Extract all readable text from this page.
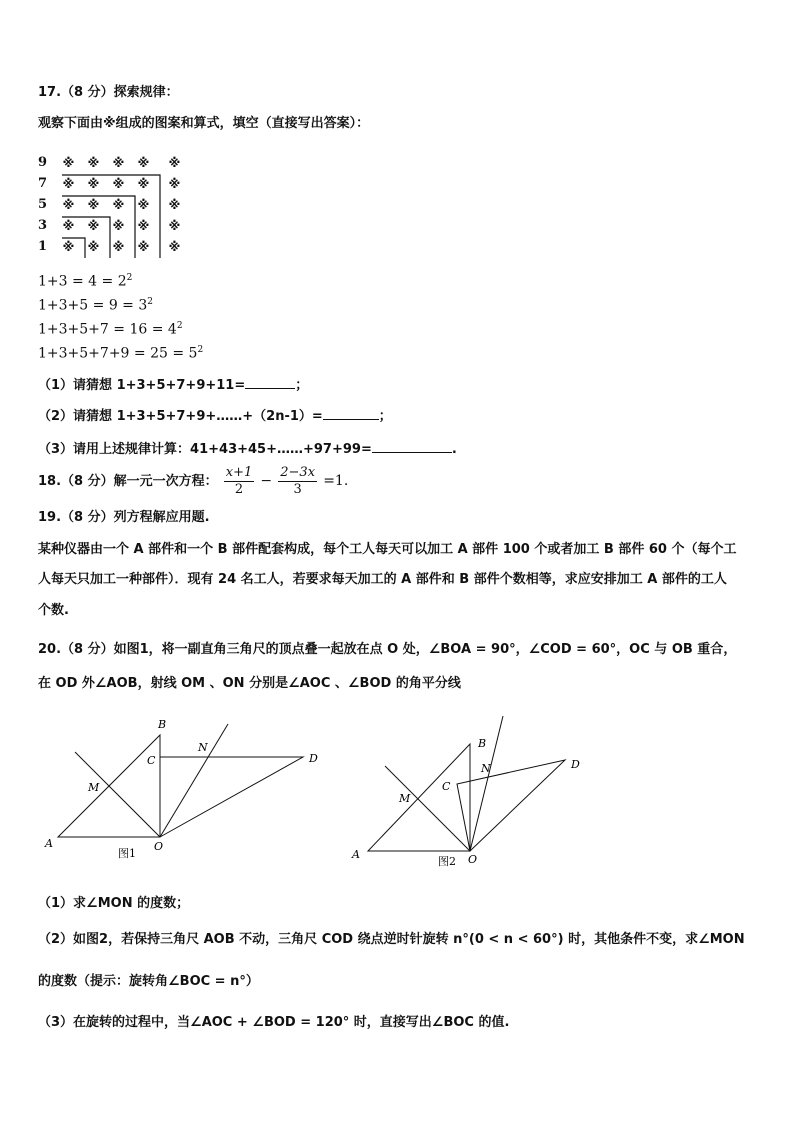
17.（8 分）探索规律：
观察下面由※组成的图案和算式，填空（直接写出答案）：
9	※	※	※	※	※
7	※	※	※	※	※
5	※	※	※	※	※
3	※	※	※	※	※
1	※	※	※	※	※
$1+3 = 4 = 2^2$
$1+3+5 = 9 = 3^2$
$1+3+5+7 = 16 = 4^2$
$1+3+5+7+9 = 25 = 5^2$
（1）请猜想 1+3+5+7+9+11=	；
（2）请猜想 1+3+5+7+9+……+（2n-1）=	；
（3）请用上述规律计算：41+43+45+……+97+99=	.
18.（8 分）解一元一次方程： $\frac{x+1}{2} - \frac{2-3x}{3} =1$.
19.（8 分）列方程解应用题.
某种仪器由一个 A 部件和一个 B 部件配套构成，每个工人每天可以加工 A 部件 100 个或者加工 B 部件 60 个（每个工
人每天只加工一种部件）．现有 24 名工人，若要求每天加工的 A 部件和 B 部件个数相等，求应安排加工 A 部件的工人
个数.
20.（8 分）如图1，将一副直角三角尺的顶点叠一起放在点 O 处，∠BOA = 90°，∠COD = 60°，OC 与 OB 重合，
在 OD 外∠AOB，射线 OM 、ON 分别是∠AOC 、∠BOD 的角平分线
A
B
C	D
M
N
O
图1	A
B
C
D
M
N
O
图2
（1）求∠MON 的度数；
（2）如图2，若保持三角尺 AOB 不动，三角尺 COD 绕点逆时针旋转 n°(0 < n < 60°) 时，其他条件不变，求∠MON
的度数（提示：旋转角∠BOC = n°）
（3）在旋转的过程中，当∠AOC + ∠BOD = 120° 时，直接写出∠BOC 的值.
